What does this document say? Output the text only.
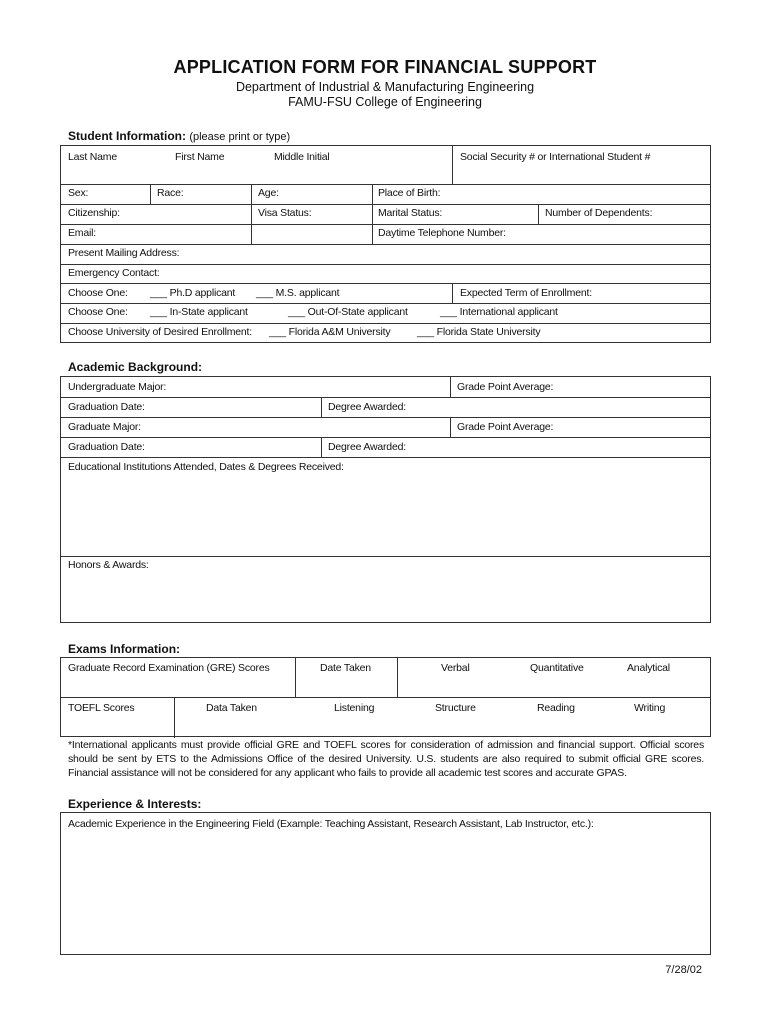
APPLICATION FORM FOR FINANCIAL SUPPORT
Department of Industrial & Manufacturing Engineering
FAMU-FSU College of Engineering
Student Information: (please print or type)
Last Name	First Name	Middle Initial	Social Security # or International Student #
Sex:	Race:	Age:	Place of Birth:
Citizenship:	Visa Status:	Marital Status:	Number of Dependents:
Email:	Daytime Telephone Number:
Present Mailing Address:
Emergency Contact:
Choose One: ___ Ph.D applicant ___ M.S. applicant	Expected Term of Enrollment:
Choose One: ___ In-State applicant	___ Out-Of-State applicant	___ International applicant
Choose University of Desired Enrollment: ___ Florida A&M University	___ Florida State University
Academic Background:
Undergraduate Major:	Grade Point Average:
Graduation Date:	Degree Awarded:
Graduate Major:	Grade Point Average:
Graduation Date:	Degree Awarded:
Educational Institutions Attended, Dates & Degrees Received:
Honors & Awards:
Exams Information:
Graduate Record Examination (GRE) Scores	Date Taken	Verbal	Quantitative	Analytical
TOEFL Scores	Data Taken	Listening	Structure	Reading	Writing
*International applicants must provide official GRE and TOEFL scores for consideration of admission and financial support. Official scores should be sent by ETS to the Admissions Office of the desired University. U.S. students are also required to submit official GRE scores. Financial assistance will not be considered for any applicant who fails to provide all academic test scores and accurate GPAS.
Experience & Interests:
Academic Experience in the Engineering Field (Example: Teaching Assistant, Research Assistant, Lab Instructor, etc.):
7/28/02
